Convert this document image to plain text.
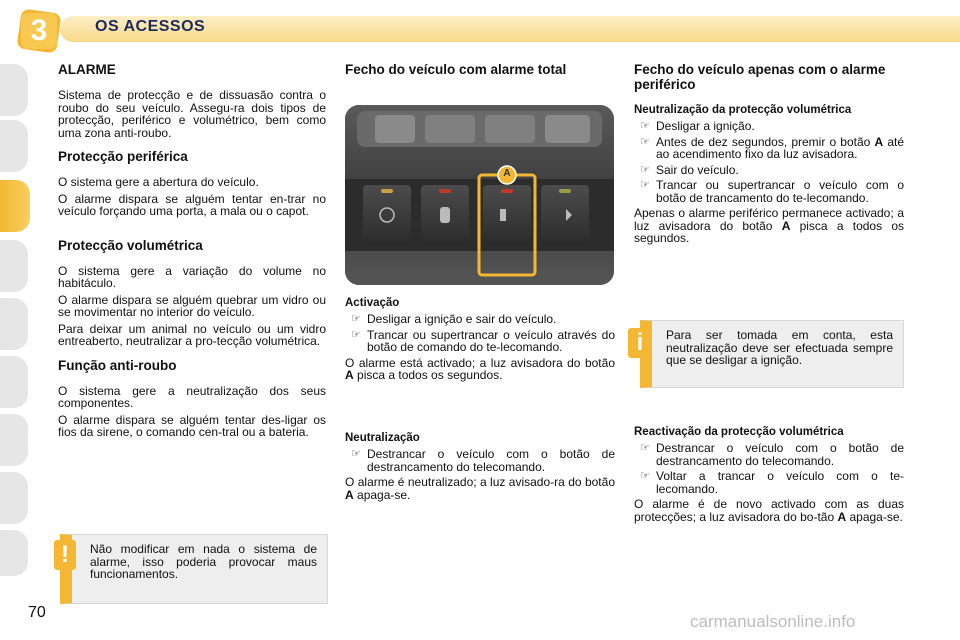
3	OS ACESSOS
ALARME

Sistema de protecção e de dissuasão contra o roubo do seu veículo. Assegu-ra dois tipos de protecção, periférico e volumétrico, bem como uma zona anti-roubo.

Protecção periférica

O sistema gere a abertura do veículo.

O alarme dispara se alguém tentar en-trar no veículo forçando uma porta, a mala ou o capot.

Protecção volumétrica

O sistema gere a variação do volume no habitáculo.

O alarme dispara se alguém quebrar um vidro ou se movimentar no interior do veículo.

Para deixar um animal no veículo ou um vidro entreaberto, neutralizar a pro-tecção volumétrica.

Função anti-roubo

O sistema gere a neutralização dos seus componentes.

O alarme dispara se alguém tentar des-ligar os fios da sirene, o comando cen-tral ou a bateria.

Não modificar em nada o sistema de alarme, isso poderia provocar maus funcionamentos.
!
Fecho do veículo com alarme total
A
Activação
☞ Desligar a ignição e sair do veículo.
☞ Trancar ou supertrancar o veículo através do botão de comando do te-lecomando.

O alarme está activado; a luz avisadora do botão A pisca a todos os segundos.

Neutralização
☞ Destrancar o veículo com o botão de destrancamento do telecomando.

O alarme é neutralizado; a luz avisado-ra do botão A apaga-se.

Fecho do veículo apenas com o alarme periférico
Neutralização da protecção volumétrica
☞ Desligar a ignição.
☞ Antes de dez segundos, premir o botão A até ao acendimento fixo da luz avisadora.
☞ Sair do veículo.
☞ Trancar ou supertrancar o veículo com o botão de trancamento do te-lecomando.

Apenas o alarme periférico permanece activado; a luz avisadora do botão A pisca a todos os segundos.

Para ser tomada em conta, esta neutralização deve ser efectuada sempre que se desligar a ignição.
i
Reactivação da protecção volumétrica
☞ Destrancar o veículo com o botão de destrancamento do telecomando.
☞ Voltar a trancar o veículo com o te-lecomando.

O alarme é de novo activado com as duas protecções; a luz avisadora do bo-tão A apaga-se.

70	carmanualsonline.info
